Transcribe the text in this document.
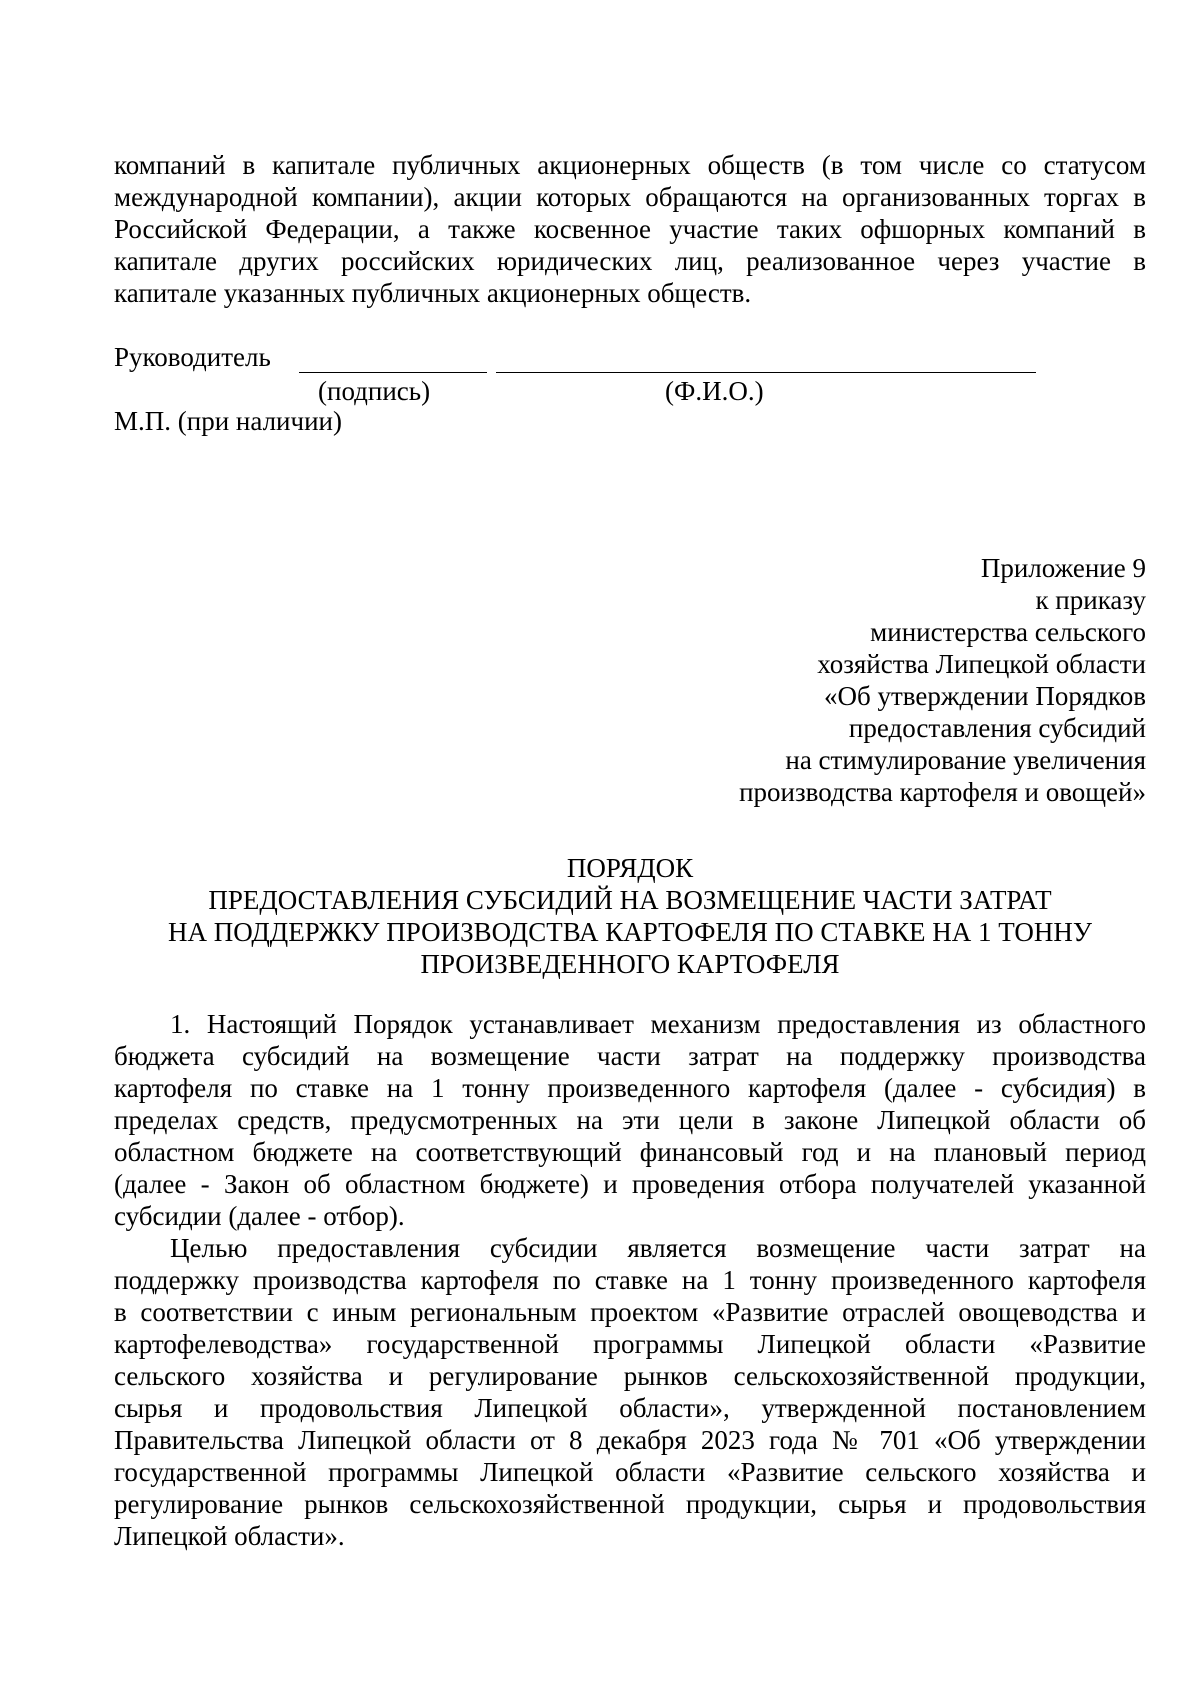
компаний в капитале публичных акционерных обществ (в том числе со статусом
международной компании), акции которых обращаются на организованных торгах в
Российской Федерации, а также косвенное участие таких офшорных компаний в
капитале других российских юридических лиц, реализованное через участие в
капитале указанных публичных акционерных обществ.
Руководитель
(подпись)	(Ф.И.О.)
М.П. (при наличии)
Приложение 9
к приказу
министерства сельского
хозяйства Липецкой области
«Об утверждении Порядков
предоставления субсидий
на стимулирование увеличения
производства картофеля и овощей»
ПОРЯДОК
ПРЕДОСТАВЛЕНИЯ СУБСИДИЙ НА ВОЗМЕЩЕНИЕ ЧАСТИ ЗАТРАТ
НА ПОДДЕРЖКУ ПРОИЗВОДСТВА КАРТОФЕЛЯ ПО СТАВКЕ НА 1 ТОННУ
ПРОИЗВЕДЕННОГО КАРТОФЕЛЯ
1. Настоящий Порядок устанавливает механизм предоставления из областного
бюджета субсидий на возмещение части затрат на поддержку производства
картофеля по ставке на 1 тонну произведенного картофеля (далее - субсидия) в
пределах средств, предусмотренных на эти цели в законе Липецкой области об
областном бюджете на соответствующий финансовый год и на плановый период
(далее - Закон об областном бюджете) и проведения отбора получателей указанной
субсидии (далее - отбор).
Целью предоставления субсидии является возмещение части затрат на
поддержку производства картофеля по ставке на 1 тонну произведенного картофеля
в соответствии с иным региональным проектом «Развитие отраслей овощеводства и
картофелеводства» государственной программы Липецкой области «Развитие
сельского хозяйства и регулирование рынков сельскохозяйственной продукции,
сырья и продовольствия Липецкой области», утвержденной постановлением
Правительства Липецкой области от 8 декабря 2023 года № 701 «Об утверждении
государственной программы Липецкой области «Развитие сельского хозяйства и
регулирование рынков сельскохозяйственной продукции, сырья и продовольствия
Липецкой области».
